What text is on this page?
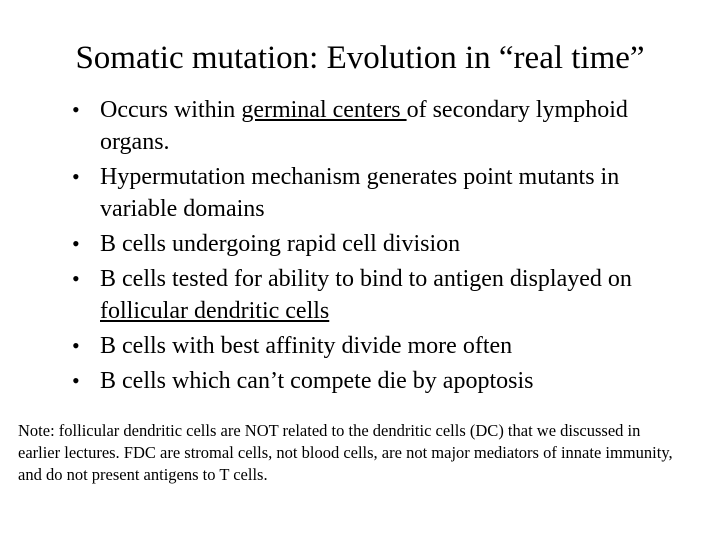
Somatic mutation: Evolution in “real time”
• Occurs within germinal centers of secondary lymphoid organs.
• Hypermutation mechanism generates point mutants in variable domains
• B cells undergoing rapid cell division
• B cells tested for ability to bind to antigen displayed on follicular dendritic cells
• B cells with best affinity divide more often
• B cells which can’t compete die by apoptosis
Note: follicular dendritic cells are NOT related to the dendritic cells (DC) that we discussed in earlier lectures. FDC are stromal cells, not blood cells, are not major mediators of innate immunity, and do not present antigens to T cells.
